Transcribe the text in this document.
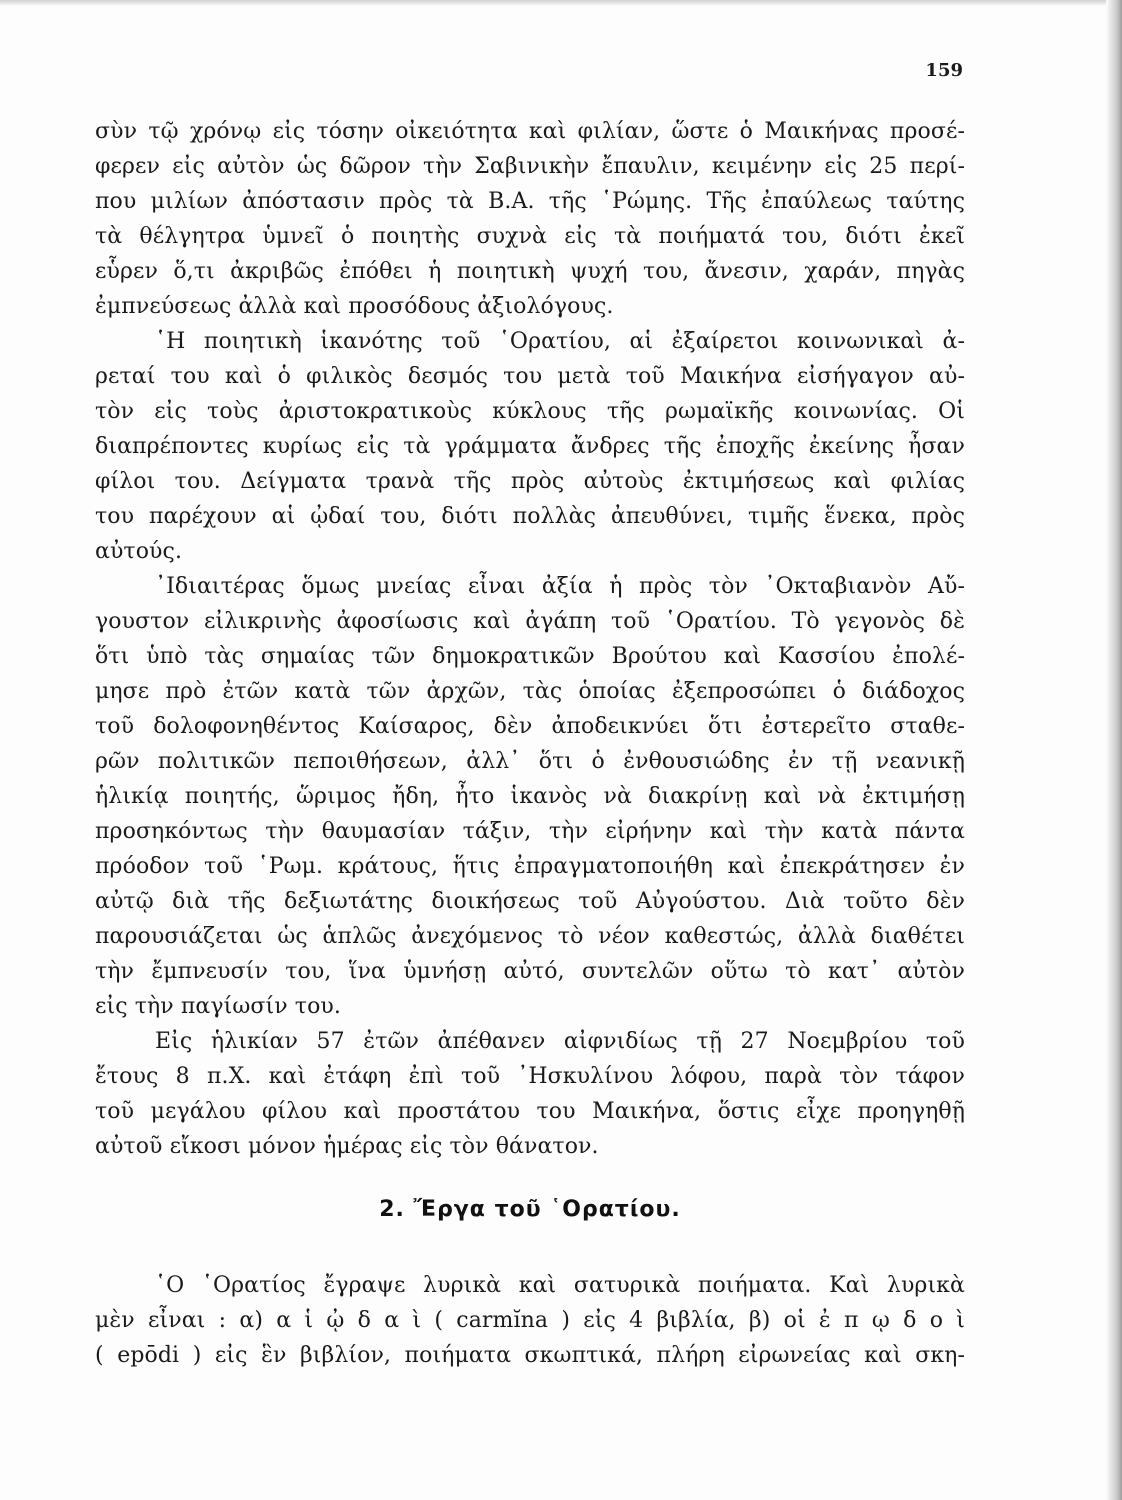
159
σὺν τῷ χρόνῳ εἰς τόσην οἰκειότητα καὶ φιλίαν, ὥστε ὁ Μαικήνας προσέ-
φερεν εἰς αὐτὸν ὡς δῶρον τὴν Σαβινικὴν ἔπαυλιν, κειμένην εἰς 25 περί-
που μιλίων ἀπόστασιν πρὸς τὰ Β.Α. τῆς ῾Ρώμης. Τῆς ἐπαύλεως ταύτης
τὰ θέλγητρα ὑμνεῖ ὁ ποιητὴς συχνὰ εἰς τὰ ποιήματά του, διότι ἐκεῖ
εὗρεν ὅ,τι ἀκριβῶς ἐπόθει ἡ ποιητικὴ ψυχή του, ἄνεσιν, χαράν, πηγὰς
ἐμπνεύσεως ἀλλὰ καὶ προσόδους ἀξιολόγους.
῾Η ποιητικὴ ἱκανότης τοῦ ῾Ορατίου, αἱ ἐξαίρετοι κοινωνικαὶ ἀ-
ρεταί του καὶ ὁ φιλικὸς δεσμός του μετὰ τοῦ Μαικήνα εἰσήγαγον αὐ-
τὸν εἰς τοὺς ἀριστοκρατικοὺς κύκλους τῆς ρωμαϊκῆς κοινωνίας. Οἱ
διαπρέποντες κυρίως εἰς τὰ γράμματα ἄνδρες τῆς ἐποχῆς ἐκείνης ἦσαν
φίλοι του. Δείγματα τρανὰ τῆς πρὸς αὐτοὺς ἐκτιμήσεως καὶ φιλίας
του παρέχουν αἱ ᾠδαί του, διότι πολλὰς ἀπευθύνει, τιμῆς ἕνεκα, πρὸς
αὐτούς.
᾿Ιδιαιτέρας ὅμως μνείας εἶναι ἀξία ἡ πρὸς τὸν ᾿Οκταβιανὸν Αὔ-
γουστον εἰλικρινὴς ἀφοσίωσις καὶ ἀγάπη τοῦ ῾Ορατίου. Τὸ γεγονὸς δὲ
ὅτι ὑπὸ τὰς σημαίας τῶν δημοκρατικῶν Βρούτου καὶ Κασσίου ἐπολέ-
μησε πρὸ ἐτῶν κατὰ τῶν ἀρχῶν, τὰς ὁποίας ἐξεπροσώπει ὁ διάδοχος
τοῦ δολοφονηθέντος Καίσαρος, δὲν ἀποδεικνύει ὅτι ἐστερεῖτο σταθε-
ρῶν πολιτικῶν πεποιθήσεων, ἀλλ᾿ ὅτι ὁ ἐνθουσιώδης ἐν τῇ νεανικῇ
ἡλικίᾳ ποιητής, ὥριμος ἤδη, ἦτο ἱκανὸς νὰ διακρίνῃ καὶ νὰ ἐκτιμήσῃ
προσηκόντως τὴν θαυμασίαν τάξιν, τὴν εἰρήνην καὶ τὴν κατὰ πάντα
πρόοδον τοῦ ῾Ρωμ. κράτους, ἥτις ἐπραγματοποιήθη καὶ ἐπεκράτησεν ἐν
αὐτῷ διὰ τῆς δεξιωτάτης διοικήσεως τοῦ Αὐγούστου. Διὰ τοῦτο δὲν
παρουσιάζεται ὡς ἁπλῶς ἀνεχόμενος τὸ νέον καθεστώς, ἀλλὰ διαθέτει
τὴν ἔμπνευσίν του, ἵνα ὑμνήσῃ αὐτό, συντελῶν οὕτω τὸ κατ᾿ αὐτὸν
εἰς τὴν παγίωσίν του.
Εἰς ἡλικίαν 57 ἐτῶν ἀπέθανεν αἰφνιδίως τῇ 27 Νοεμβρίου τοῦ
ἔτους 8 π.Χ. καὶ ἐτάφη ἐπὶ τοῦ ᾿Ησκυλίνου λόφου, παρὰ τὸν τάφον
τοῦ μεγάλου φίλου καὶ προστάτου του Μαικήνα, ὅστις εἶχε προηγηθῇ
αὐτοῦ εἴκοσι μόνον ἡμέρας εἰς τὸν θάνατον.
2. Ἔργα τοῦ ῾Ορατίου.
῾Ο ῾Ορατίος ἔγραψε λυρικὰ καὶ σατυρικὰ ποιήματα. Καὶ λυρικὰ
μὲν εἶναι : α) α ἱ ᾠ δ α ὶ ( carmĭna ) εἰς 4 βιβλία, β) οἱ ἐ π ῳ δ ο ὶ
( epōdi ) εἰς ἓν βιβλίον, ποιήματα σκωπτικά, πλήρη εἰρωνείας καὶ σκη-
